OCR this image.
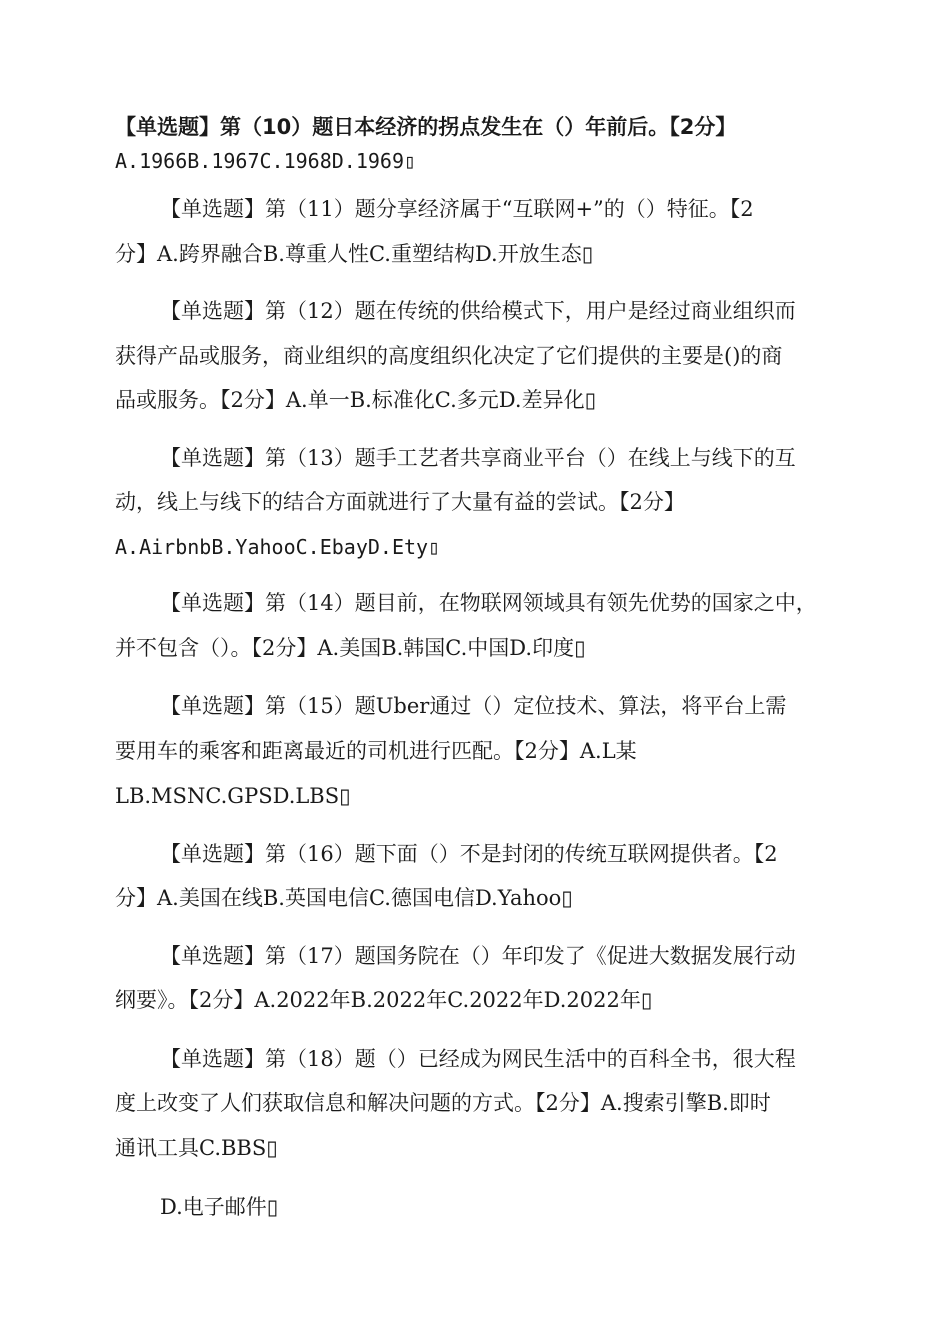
【单选题】第（10）题日本经济的拐点发生在（）年前后。【2分】
A.1966B.1967C.1968D.1969▯
【单选题】第（11）题分享经济属于“互联网+”的（）特征。【2
分】A.跨界融合B.尊重人性C.重塑结构D.开放生态▯
【单选题】第（12）题在传统的供给模式下，用户是经过商业组织而
获得产品或服务，商业组织的高度组织化决定了它们提供的主要是()的商
品或服务。【2分】A.单一B.标准化C.多元D.差异化▯
【单选题】第（13）题手工艺者共享商业平台（）在线上与线下的互
动，线上与线下的结合方面就进行了大量有益的尝试。【2分】
A.AirbnbB.YahooC.EbayD.Ety▯
【单选题】第（14）题目前，在物联网领域具有领先优势的国家之中，
并不包含（）。【2分】A.美国B.韩国C.中国D.印度▯
【单选题】第（15）题Uber通过（）定位技术、算法，将平台上需
要用车的乘客和距离最近的司机进行匹配。【2分】A.L某
LB.MSNC.GPSD.LBS▯
【单选题】第（16）题下面（）不是封闭的传统互联网提供者。【2
分】A.美国在线B.英国电信C.德国电信D.Yahoo▯
【单选题】第（17）题国务院在（）年印发了《促进大数据发展行动
纲要》。【2分】A.2022年B.2022年C.2022年D.2022年▯
【单选题】第（18）题（）已经成为网民生活中的百科全书，很大程
度上改变了人们获取信息和解决问题的方式。【2分】A.搜索引擎B.即时
通讯工具C.BBS▯
D.电子邮件▯
